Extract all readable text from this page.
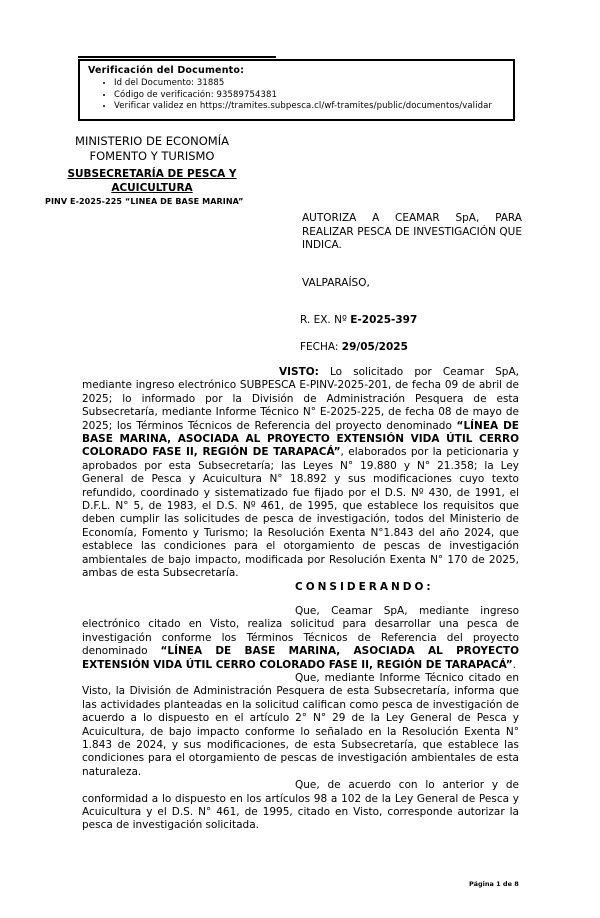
Verificación del Documento:
• Id del Documento: 31885
• Código de verificación: 93589754381
• Verificar validez en https://tramites.subpesca.cl/wf-tramites/public/documentos/validar
MINISTERIO DE ECONOMÍA
FOMENTO Y TURISMO
SUBSECRETARÍA DE PESCA Y ACUICULTURA
PINV E-2025-225 “LINEA DE BASE MARINA”
AUTORIZA A CEAMAR SpA, PARA REALIZAR PESCA DE INVESTIGACIÓN QUE INDICA.
VALPARAÍSO,
R. EX. Nº E-2025-397
FECHA: 29/05/2025

VISTO: Lo solicitado por Ceamar SpA, mediante ingreso electrónico SUBPESCA E-PINV-2025-201, de fecha 09 de abril de 2025; lo informado por la División de Administración Pesquera de esta Subsecretaría, mediante Informe Técnico N° E-2025-225, de fecha 08 de mayo de 2025; los Términos Técnicos de Referencia del proyecto denominado “LÍNEA DE BASE MARINA, ASOCIADA AL PROYECTO EXTENSIÓN VIDA ÚTIL CERRO COLORADO FASE II, REGIÓN DE TARAPACÁ”, elaborados por la peticionaria y aprobados por esta Subsecretaría; las Leyes N° 19.880 y N° 21.358; la Ley General de Pesca y Acuicultura N° 18.892 y sus modificaciones cuyo texto refundido, coordinado y sistematizado fue fijado por el D.S. Nº 430, de 1991, el D.F.L. N° 5, de 1983, el D.S. Nº 461, de 1995, que establece los requisitos que deben cumplir las solicitudes de pesca de investigación, todos del Ministerio de Economía, Fomento y Turismo; la Resolución Exenta N°1.843 del año 2024, que establece las condiciones para el otorgamiento de pescas de investigación ambientales de bajo impacto, modificada por Resolución Exenta N° 170 de 2025, ambas de esta Subsecretaría.

CONSIDERANDO:

Que, Ceamar SpA, mediante ingreso electrónico citado en Visto, realiza solicitud para desarrollar una pesca de investigación conforme los Términos Técnicos de Referencia del proyecto denominado “LÍNEA DE BASE MARINA, ASOCIADA AL PROYECTO EXTENSIÓN VIDA ÚTIL CERRO COLORADO FASE II, REGIÓN DE TARAPACÁ”.

Que, mediante Informe Técnico citado en Visto, la División de Administración Pesquera de esta Subsecretaría, informa que las actividades planteadas en la solicitud califican como pesca de investigación de acuerdo a lo dispuesto en el artículo 2° N° 29 de la Ley General de Pesca y Acuicultura, de bajo impacto conforme lo señalado en la Resolución Exenta N° 1.843 de 2024, y sus modificaciones, de esta Subsecretaría, que establece las condiciones para el otorgamiento de pescas de investigación ambientales de esta naturaleza.

Que, de acuerdo con lo anterior y de conformidad a lo dispuesto en los artículos 98 a 102 de la Ley General de Pesca y Acuicultura y el D.S. N° 461, de 1995, citado en Visto, corresponde autorizar la pesca de investigación solicitada.

Página 1 de 8
